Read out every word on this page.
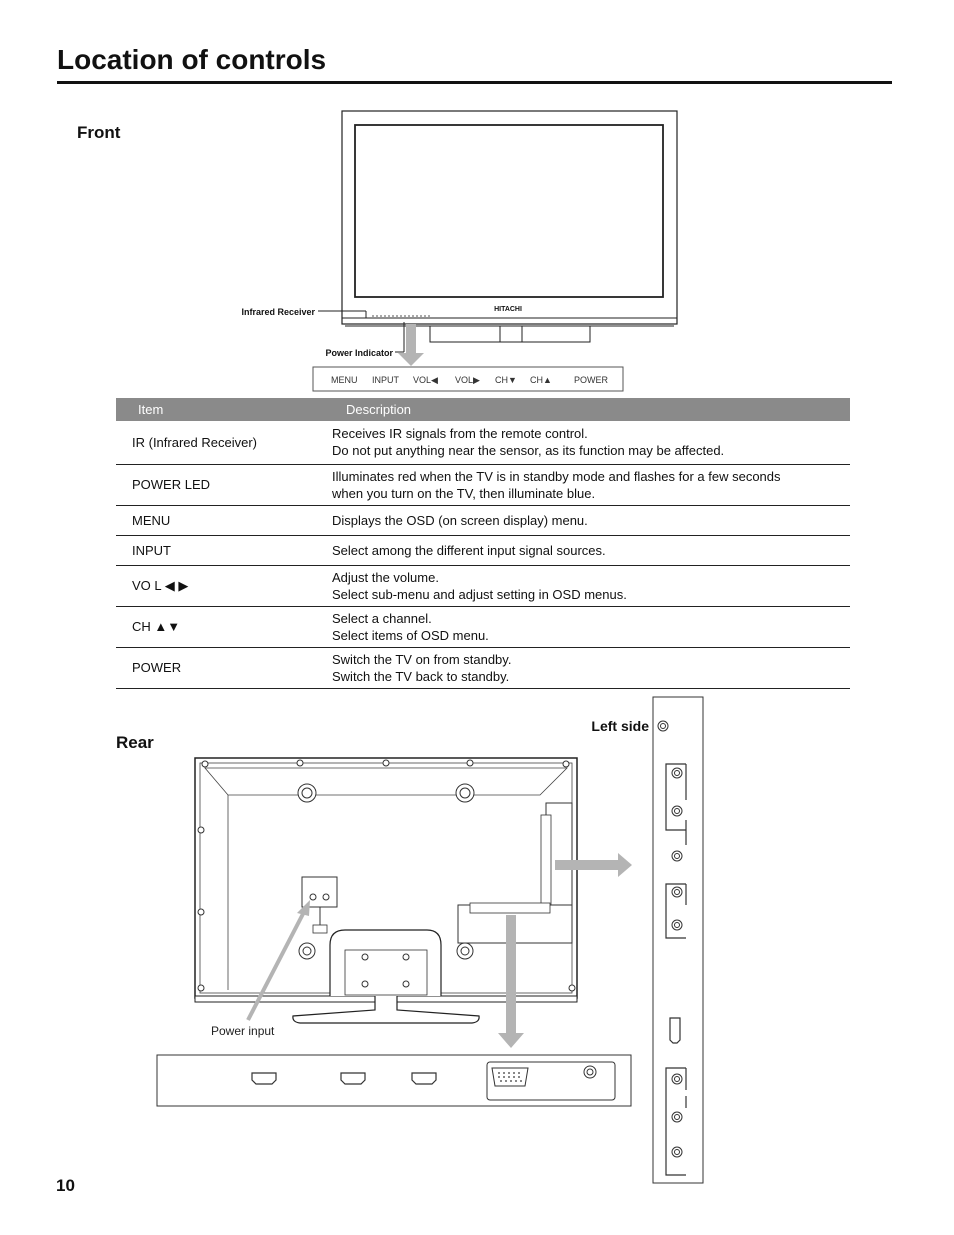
Location of controls
Front
HITACHI
Infrared Receiver
Power Indicator
MENU INPUT VOL◀ VOL▶ CH▼ CH▲ POWER
Item	Description
IR (Infrared Receiver)	Receives IR signals from the remote control.
Do not put anything near the sensor, as its function may be affected.

POWER LED	Illuminates red when the TV is in standby mode and flashes for a few seconds
when you turn on the TV, then illuminate blue.

MENU	Displays the OSD (on screen display) menu.

INPUT	Select among the different input signal sources.

VO L ◀ ▶	Adjust the volume.
Select sub-menu and adjust setting in OSD menus.

CH ▲▼	Select a channel.
Select items of OSD menu.

POWER	Switch the TV on from standby.
Switch the TV back to standby.
Rear
Power input
Left side
10
